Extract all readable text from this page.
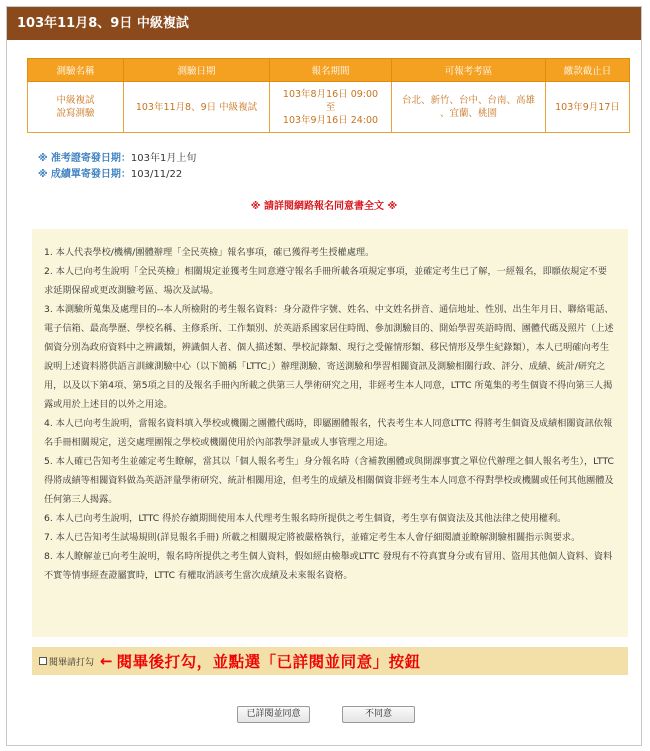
103年11月8、9日 中級複試
測驗名稱	測驗日期	報名期間	可報考考區	繳款截止日
中級複試
說寫測驗	103年11月8、9日 中級複試	103年8月16日 09:00
至
103年9月16日 24:00	台北、新竹、台中、台南、高雄
、宜蘭、桃園	103年9月17日
※ 准考證寄發日期：103年1月上旬
※ 成績單寄發日期：103/11/22
※ 請詳閱網路報名同意書全文 ※

1. 本人代表學校/機構/團體辦理「全民英檢」報名事項，確已獲得考生授權處理。

2. 本人已向考生說明「全民英檢」相關規定並獲考生同意遵守報名手冊所載各項規定事項，並確定考生已了解，一經報名，即願依規定不要求延期保留或更改測驗考區、場次及試場。

3. 本測驗所蒐集及處理目的--本人所檢附的考生報名資料：身分證件字號、姓名、中文姓名拼音、通信地址、性別、出生年月日、聯絡電話、電子信箱、最高學歷、學校名稱、主修系所、工作類別、於英語系國家居住時間、參加測驗目的、開始學習英語時間、團體代碼及照片（上述個資分別為政府資料中之辨識類，辨識個人者、個人描述類、學校記錄類、現行之受僱情形類、移民情形及學生紀錄類），本人已明確向考生說明上述資料將供語言訓練測驗中心（以下簡稱「LTTC」）辦理測驗、寄送測驗和學習相關資訊及測驗相關行政、評分、成績、統計/研究之用，以及以下第4項、第5項之目的及報名手冊內所載之供第三人學術研究之用，非經考生本人同意，LTTC 所蒐集的考生個資不得向第三人揭露或用於上述目的以外之用途。

4. 本人已向考生說明，當報名資料填入學校或機關之團體代碼時，即屬團體報名，代表考生本人同意LTTC 得將考生個資及成績相關資訊依報名手冊相關規定，送交處理團報之學校或機關使用於內部教學評量或人事管理之用途。

5. 本人確已告知考生並確定考生瞭解，當其以「個人報名考生」身分報名時（含補教團體或與開課事實之單位代辦理之個人報名考生），LTTC 得將成績等相關資料做為英語評量學術研究、統計相關用途，但考生的成績及相關個資非經考生本人同意不得對學校或機關或任何其他團體及任何第三人揭露。

6. 本人已向考生說明，LTTC 得於存續期間使用本人代理考生報名時所提供之考生個資，考生享有個資法及其他法律之使用權利。

7. 本人已告知考生試場規則(詳見報名手冊) 所載之相關規定將被嚴格執行，並確定考生本人會仔細閱讀並瞭解測驗相關指示與要求。

8. 本人瞭解並已向考生說明，報名時所提供之考生個人資料，假如經由檢舉或LTTC 發現有不符真實身分或有冒用、盜用其他個人資料、資料不實等情事經查證屬實時，LTTC 有權取消該考生當次成績及未來報名資格。

閱畢請打勾 ← 閱畢後打勾，並點選「已詳閱並同意」按鈕
已詳閱並同意	不同意
